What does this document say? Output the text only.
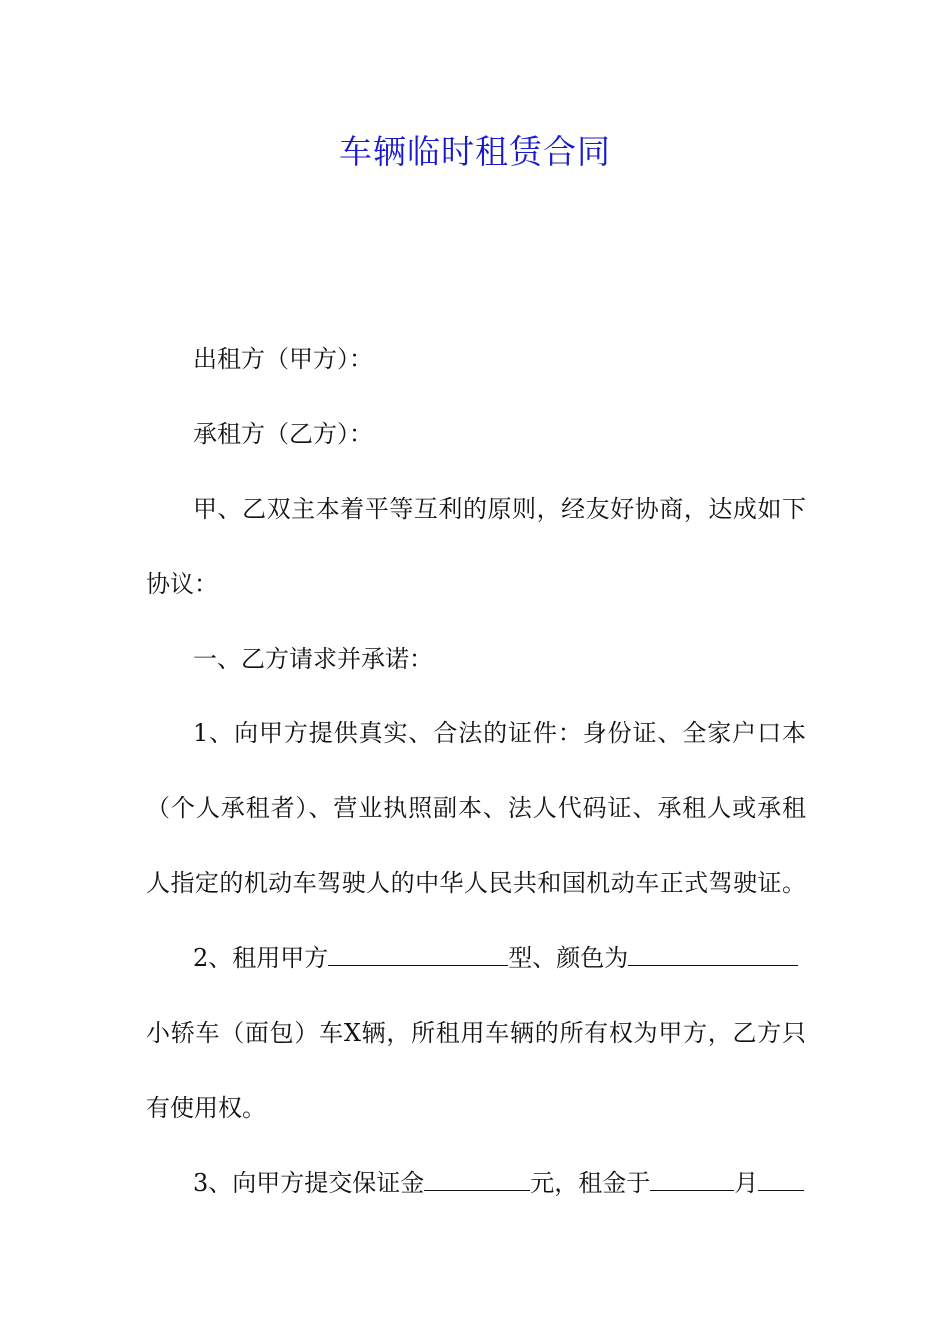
车辆临时租赁合同

出租方（甲方）：

承租方（乙方）：

甲、乙双主本着平等互利的原则，经友好协商，达成如下

协议：

一、乙方请求并承诺：

1、向甲方提供真实、合法的证件：身份证、全家户口本

（个人承租者）、营业执照副本、法人代码证、承租人或承租

人指定的机动车驾驶人的中华人民共和国机动车正式驾驶证。

2、租用甲方	型、颜色为

小轿车（面包）车X辆，所租用车辆的所有权为甲方，乙方只

有使用权。

3、向甲方提交保证金	元，租金于	月
